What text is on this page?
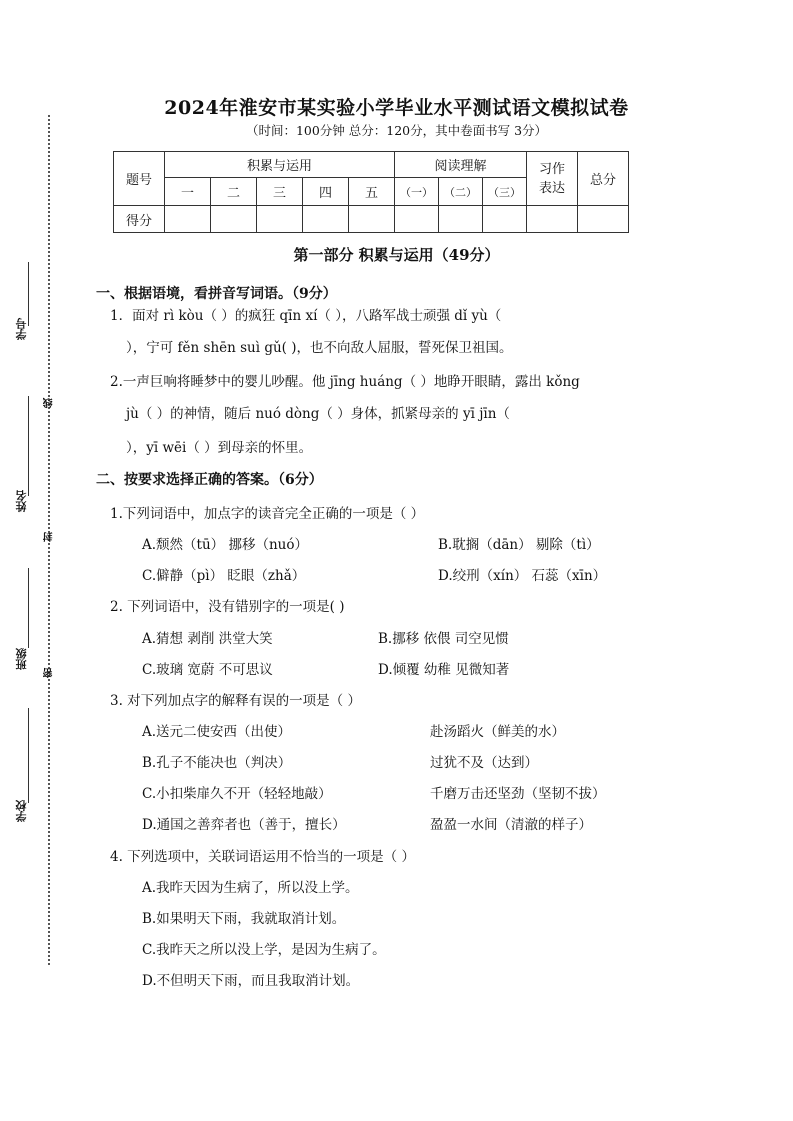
学号
姓名
班级
学校
线
封
密
2024年淮安市某实验小学毕业水平测试语文模拟试卷
（时间：100分钟 总分：120分，其中卷面书写 3分）
题号	积累与运用					阅读理解			习作表达	总分
	一	二	三	四	五	（一）	（二）	（三）		
得分										
第一部分 积累与运用（49分）
一、根据语境，看拼音写词语。（9分）
1．面对 rì kòu（ ）的疯狂 qīn xí（ ），八路军战士顽强 dǐ yù（
），宁可 fěn shēn suì gǔ( )，也不向敌人屈服，誓死保卫祖国。
2.一声巨响将睡梦中的婴儿吵醒。他 jīng huáng（ ）地睁开眼睛，露出 kǒng
jù（ ）的神情，随后 nuó dòng（ ）身体，抓紧母亲的 yī jīn（
），yī wēi（ ）到母亲的怀里。
二、按要求选择正确的答案。（6分）
1.下列词语中，加点字的读音完全正确的一项是（ ）
A.颓然（tū） 挪移（nuó）	B.耽搁（dān） 剔除（tì）
C.僻静（pì） 眨眼（zhǎ）	D.绞刑（xín） 石蕊（xīn）
2. 下列词语中，没有错别字的一项是( )
A.猜想 剥削 洪堂大笑	B.挪移 依偎 司空见惯
C.玻璃 宽蔚 不可思议	D.倾覆 幼稚 见微知著
3. 对下列加点字的解释有误的一项是（ ）
A.送元二使安西（出使）	赴汤蹈火（鲜美的水）
B.孔子不能决也（判决）	过犹不及（达到）
C.小扣柴扉久不开（轻轻地敲）	千磨万击还坚劲（坚韧不拔）
D.通国之善弈者也（善于，擅长）	盈盈一水间（清澈的样子）
4. 下列选项中，关联词语运用不恰当的一项是（ ）
A.我昨天因为生病了，所以没上学。
B.如果明天下雨，我就取消计划。
C.我昨天之所以没上学，是因为生病了。
D.不但明天下雨，而且我取消计划。
